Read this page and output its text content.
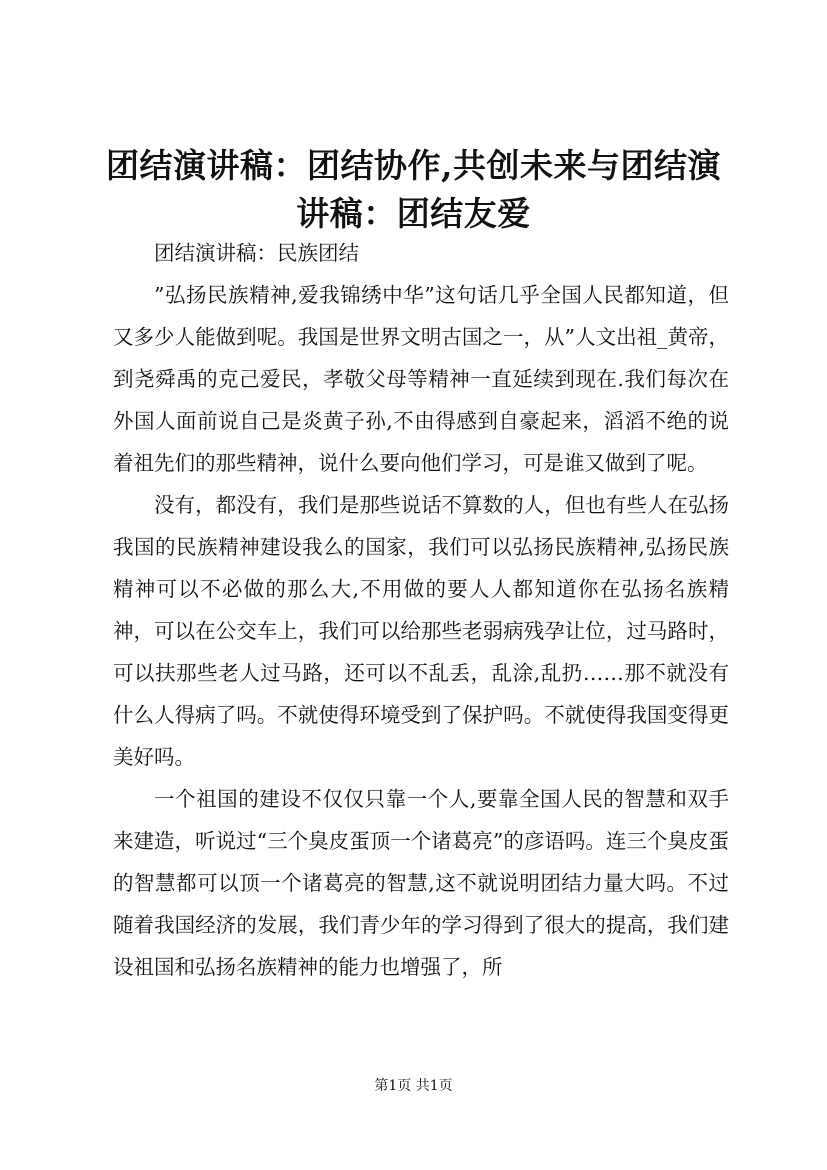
团结演讲稿：团结协作,共创未来与团结演讲稿：团结友爱

团结演讲稿：民族团结

”弘扬民族精神,爱我锦绣中华”这句话几乎全国人民都知道，但又多少人能做到呢。我国是世界文明古国之一，从”人文出祖_黄帝，到尧舜禹的克己爱民，孝敬父母等精神一直延续到现在.我们每次在外国人面前说自己是炎黄子孙,不由得感到自豪起来，滔滔不绝的说着祖先们的那些精神，说什么要向他们学习，可是谁又做到了呢。

没有，都没有，我们是那些说话不算数的人，但也有些人在弘扬我国的民族精神建设我么的国家，我们可以弘扬民族精神,弘扬民族精神可以不必做的那么大,不用做的要人人都知道你在弘扬名族精神，可以在公交车上，我们可以给那些老弱病残孕让位，过马路时，可以扶那些老人过马路，还可以不乱丢，乱涂,乱扔……那不就没有什么人得病了吗。不就使得环境受到了保护吗。不就使得我国变得更美好吗。

一个祖国的建设不仅仅只靠一个人,要靠全国人民的智慧和双手来建造，听说过“三个臭皮蛋顶一个诸葛亮”的彦语吗。连三个臭皮蛋的智慧都可以顶一个诸葛亮的智慧,这不就说明团结力量大吗。不过随着我国经济的发展，我们青少年的学习得到了很大的提高，我们建设祖国和弘扬名族精神的能力也增强了，所

第1页 共1页
